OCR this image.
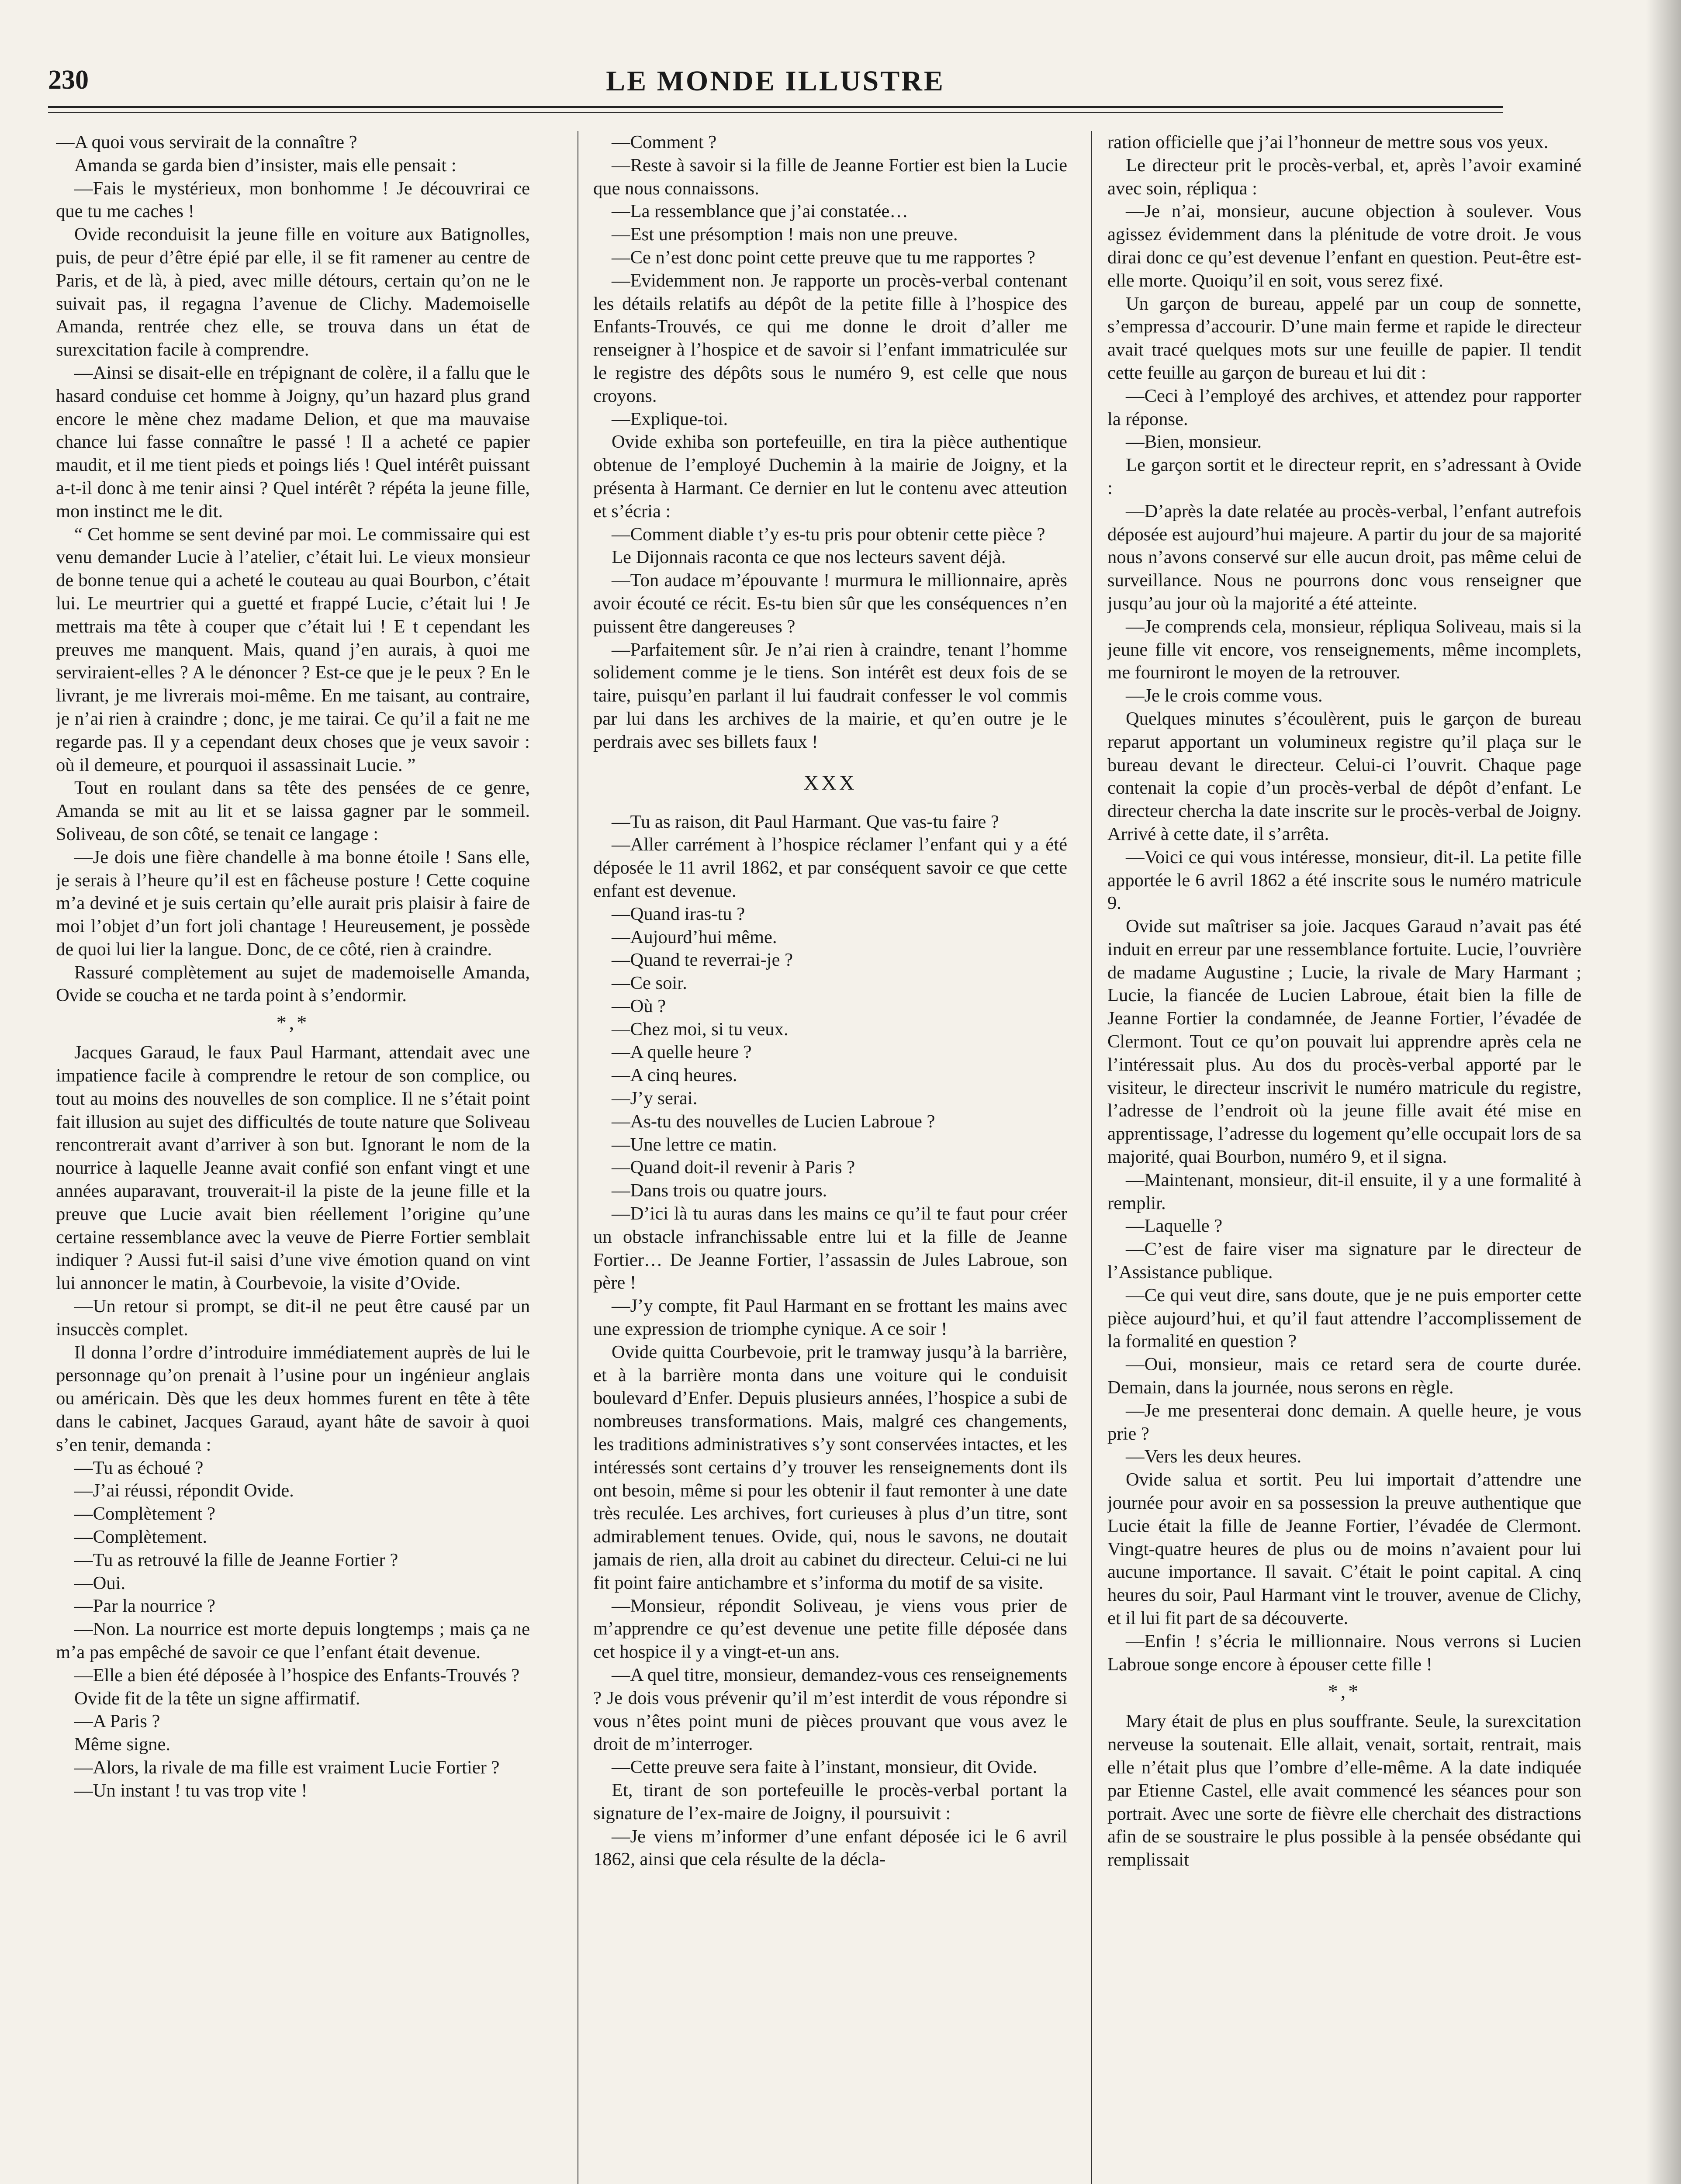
230	LE MONDE ILLUSTRE

—A quoi vous servirait de la connaître ?

Amanda se garda bien d’insister, mais elle pensait :

—Fais le mystérieux, mon bonhomme ! Je découvrirai ce que tu me caches !

Ovide reconduisit la jeune fille en voiture aux Batignolles, puis, de peur d’être épié par elle, il se fit ramener au centre de Paris, et de là, à pied, avec mille détours, certain qu’on ne le suivait pas, il regagna l’avenue de Clichy. Mademoiselle Amanda, rentrée chez elle, se trouva dans un état de surexcitation facile à comprendre.

—Ainsi se disait-elle en trépignant de colère, il a fallu que le hasard conduise cet homme à Joigny, qu’un hazard plus grand encore le mène chez madame Delion, et que ma mauvaise chance lui fasse connaître le passé ! Il a acheté ce papier maudit, et il me tient pieds et poings liés ! Quel intérêt puissant a-t-il donc à me tenir ainsi ? Quel intérêt ? répéta la jeune fille, mon instinct me le dit.

“ Cet homme se sent deviné par moi. Le commissaire qui est venu demander Lucie à l’atelier, c’était lui. Le vieux monsieur de bonne tenue qui a acheté le couteau au quai Bourbon, c’était lui. Le meurtrier qui a guetté et frappé Lucie, c’était lui ! Je mettrais ma tête à couper que c’était lui ! E t cependant les preuves me manquent. Mais, quand j’en aurais, à quoi me serviraient-elles ? A le dénoncer ? Est-ce que je le peux ? En le livrant, je me livrerais moi-même. En me taisant, au contraire, je n’ai rien à craindre ; donc, je me tairai. Ce qu’il a fait ne me regarde pas. Il y a cependant deux choses que je veux savoir : où il demeure, et pourquoi il assassinait Lucie. ”

Tout en roulant dans sa tête des pensées de ce genre, Amanda se mit au lit et se laissa gagner par le sommeil. Soliveau, de son côté, se tenait ce langage :

—Je dois une fière chandelle à ma bonne étoile ! Sans elle, je serais à l’heure qu’il est en fâcheuse posture ! Cette coquine m’a deviné et je suis certain qu’elle aurait pris plaisir à faire de moi l’objet d’un fort joli chantage ! Heureusement, je possède de quoi lui lier la langue. Donc, de ce côté, rien à craindre.

Rassuré complètement au sujet de mademoiselle Amanda, Ovide se coucha et ne tarda point à s’endormir.

*,*

Jacques Garaud, le faux Paul Harmant, attendait avec une impatience facile à comprendre le retour de son complice, ou tout au moins des nouvelles de son complice. Il ne s’était point fait illusion au sujet des difficultés de toute nature que Soliveau rencontrerait avant d’arriver à son but. Ignorant le nom de la nourrice à laquelle Jeanne avait confié son enfant vingt et une années auparavant, trouverait-il la piste de la jeune fille et la preuve que Lucie avait bien réellement l’origine qu’une certaine ressemblance avec la veuve de Pierre Fortier semblait indiquer ? Aussi fut-il saisi d’une vive émotion quand on vint lui annoncer le matin, à Courbevoie, la visite d’Ovide.

—Un retour si prompt, se dit-il ne peut être causé par un insuccès complet.

Il donna l’ordre d’introduire immédiatement auprès de lui le personnage qu’on prenait à l’usine pour un ingénieur anglais ou américain. Dès que les deux hommes furent en tête à tête dans le cabinet, Jacques Garaud, ayant hâte de savoir à quoi s’en tenir, demanda :

—Tu as échoué ?

—J’ai réussi, répondit Ovide.

—Complètement ?

—Complètement.

—Tu as retrouvé la fille de Jeanne Fortier ?

—Oui.

—Par la nourrice ?

—Non. La nourrice est morte depuis longtemps ; mais ça ne m’a pas empêché de savoir ce que l’enfant était devenue.

—Elle a bien été déposée à l’hospice des Enfants-Trouvés ?

Ovide fit de la tête un signe affirmatif.

—A Paris ?

Même signe.

—Alors, la rivale de ma fille est vraiment Lucie Fortier ?

—Un instant ! tu vas trop vite !

—Comment ?

—Reste à savoir si la fille de Jeanne Fortier est bien la Lucie que nous connaissons.

—La ressemblance que j’ai constatée…

—Est une présomption ! mais non une preuve.

—Ce n’est donc point cette preuve que tu me rapportes ?

—Evidemment non. Je rapporte un procès-verbal contenant les détails relatifs au dépôt de la petite fille à l’hospice des Enfants-Trouvés, ce qui me donne le droit d’aller me renseigner à l’hospice et de savoir si l’enfant immatriculée sur le registre des dépôts sous le numéro 9, est celle que nous croyons.

—Explique-toi.

Ovide exhiba son portefeuille, en tira la pièce authentique obtenue de l’employé Duchemin à la mairie de Joigny, et la présenta à Harmant. Ce dernier en lut le contenu avec atteution et s’écria :

—Comment diable t’y es-tu pris pour obtenir cette pièce ?

Le Dijonnais raconta ce que nos lecteurs savent déjà.

—Ton audace m’épouvante ! murmura le millionnaire, après avoir écouté ce récit. Es-tu bien sûr que les conséquences n’en puissent être dangereuses ?

—Parfaitement sûr. Je n’ai rien à craindre, tenant l’homme solidement comme je le tiens. Son intérêt est deux fois de se taire, puisqu’en parlant il lui faudrait confesser le vol commis par lui dans les archives de la mairie, et qu’en outre je le perdrais avec ses billets faux !

XXX

—Tu as raison, dit Paul Harmant. Que vas-tu faire ?

—Aller carrément à l’hospice réclamer l’enfant qui y a été déposée le 11 avril 1862, et par conséquent savoir ce que cette enfant est devenue.

—Quand iras-tu ?

—Aujourd’hui même.

—Quand te reverrai-je ?

—Ce soir.

—Où ?

—Chez moi, si tu veux.

—A quelle heure ?

—A cinq heures.

—J’y serai.

—As-tu des nouvelles de Lucien Labroue ?

—Une lettre ce matin.

—Quand doit-il revenir à Paris ?

—Dans trois ou quatre jours.

—D’ici là tu auras dans les mains ce qu’il te faut pour créer un obstacle infranchissable entre lui et la fille de Jeanne Fortier… De Jeanne Fortier, l’assassin de Jules Labroue, son père !

—J’y compte, fit Paul Harmant en se frottant les mains avec une expression de triomphe cynique. A ce soir !

Ovide quitta Courbevoie, prit le tramway jusqu’à la barrière, et à la barrière monta dans une voiture qui le conduisit boulevard d’Enfer. Depuis plusieurs années, l’hospice a subi de nombreuses transformations. Mais, malgré ces changements, les traditions administratives s’y sont conservées intactes, et les intéressés sont certains d’y trouver les renseignements dont ils ont besoin, même si pour les obtenir il faut remonter à une date très reculée. Les archives, fort curieuses à plus d’un titre, sont admirablement tenues. Ovide, qui, nous le savons, ne doutait jamais de rien, alla droit au cabinet du directeur. Celui-ci ne lui fit point faire antichambre et s’informa du motif de sa visite.

—Monsieur, répondit Soliveau, je viens vous prier de m’apprendre ce qu’est devenue une petite fille déposée dans cet hospice il y a vingt-et-un ans.

—A quel titre, monsieur, demandez-vous ces renseignements ? Je dois vous prévenir qu’il m’est interdit de vous répondre si vous n’êtes point muni de pièces prouvant que vous avez le droit de m’interroger.

—Cette preuve sera faite à l’instant, monsieur, dit Ovide.

Et, tirant de son portefeuille le procès-verbal portant la signature de l’ex-maire de Joigny, il poursuivit :

—Je viens m’informer d’une enfant déposée ici le 6 avril 1862, ainsi que cela résulte de la décla-

ration officielle que j’ai l’honneur de mettre sous vos yeux.

Le directeur prit le procès-verbal, et, après l’avoir examiné avec soin, répliqua :

—Je n’ai, monsieur, aucune objection à soulever. Vous agissez évidemment dans la plénitude de votre droit. Je vous dirai donc ce qu’est devenue l’enfant en question. Peut-être est-elle morte. Quoiqu’il en soit, vous serez fixé.

Un garçon de bureau, appelé par un coup de sonnette, s’empressa d’accourir. D’une main ferme et rapide le directeur avait tracé quelques mots sur une feuille de papier. Il tendit cette feuille au garçon de bureau et lui dit :

—Ceci à l’employé des archives, et attendez pour rapporter la réponse.

—Bien, monsieur.

Le garçon sortit et le directeur reprit, en s’adressant à Ovide :

—D’après la date relatée au procès-verbal, l’enfant autrefois déposée est aujourd’hui majeure. A partir du jour de sa majorité nous n’avons conservé sur elle aucun droit, pas même celui de surveillance. Nous ne pourrons donc vous renseigner que jusqu’au jour où la majorité a été atteinte.

—Je comprends cela, monsieur, répliqua Soliveau, mais si la jeune fille vit encore, vos renseignements, même incomplets, me fourniront le moyen de la retrouver.

—Je le crois comme vous.

Quelques minutes s’écoulèrent, puis le garçon de bureau reparut apportant un volumineux registre qu’il plaça sur le bureau devant le directeur. Celui-ci l’ouvrit. Chaque page contenait la copie d’un procès-verbal de dépôt d’enfant. Le directeur chercha la date inscrite sur le procès-verbal de Joigny. Arrivé à cette date, il s’arrêta.

—Voici ce qui vous intéresse, monsieur, dit-il. La petite fille apportée le 6 avril 1862 a été inscrite sous le numéro matricule 9.

Ovide sut maîtriser sa joie. Jacques Garaud n’avait pas été induit en erreur par une ressemblance fortuite. Lucie, l’ouvrière de madame Augustine ; Lucie, la rivale de Mary Harmant ; Lucie, la fiancée de Lucien Labroue, était bien la fille de Jeanne Fortier la condamnée, de Jeanne Fortier, l’évadée de Clermont. Tout ce qu’on pouvait lui apprendre après cela ne l’intéressait plus. Au dos du procès-verbal apporté par le visiteur, le directeur inscrivit le numéro matricule du registre, l’adresse de l’endroit où la jeune fille avait été mise en apprentissage, l’adresse du logement qu’elle occupait lors de sa majorité, quai Bourbon, numéro 9, et il signa.

—Maintenant, monsieur, dit-il ensuite, il y a une formalité à remplir.

—Laquelle ?

—C’est de faire viser ma signature par le directeur de l’Assistance publique.

—Ce qui veut dire, sans doute, que je ne puis emporter cette pièce aujourd’hui, et qu’il faut attendre l’accomplissement de la formalité en question ?

—Oui, monsieur, mais ce retard sera de courte durée. Demain, dans la journée, nous serons en règle.

—Je me presenterai donc demain. A quelle heure, je vous prie ?

—Vers les deux heures.

Ovide salua et sortit. Peu lui importait d’attendre une journée pour avoir en sa possession la preuve authentique que Lucie était la fille de Jeanne Fortier, l’évadée de Clermont. Vingt-quatre heures de plus ou de moins n’avaient pour lui aucune importance. Il savait. C’était le point capital. A cinq heures du soir, Paul Harmant vint le trouver, avenue de Clichy, et il lui fit part de sa découverte.

—Enfin ! s’écria le millionnaire. Nous verrons si Lucien Labroue songe encore à épouser cette fille !

*,*

Mary était de plus en plus souffrante. Seule, la surexcitation nerveuse la soutenait. Elle allait, venait, sortait, rentrait, mais elle n’était plus que l’ombre d’elle-même. A la date indiquée par Etienne Castel, elle avait commencé les séances pour son portrait. Avec une sorte de fièvre elle cherchait des distractions afin de se soustraire le plus possible à la pensée obsédante qui remplissait
